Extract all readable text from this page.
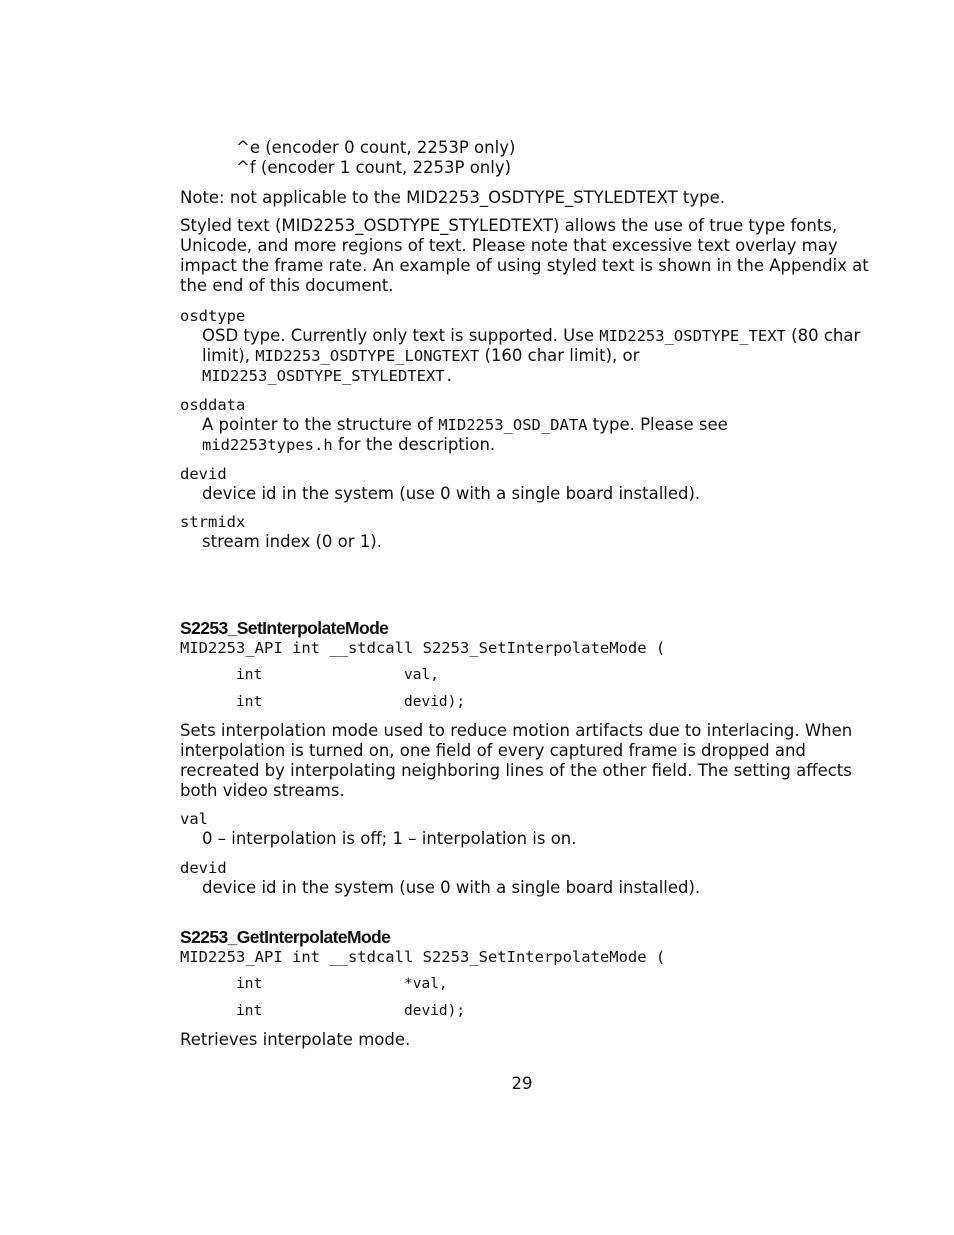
^e (encoder 0 count, 2253P only)
^f (encoder 1 count, 2253P only)

Note: not applicable to the MID2253_OSDTYPE_STYLEDTEXT type.

Styled text (MID2253_OSDTYPE_STYLEDTEXT) allows the use of true type fonts, Unicode, and more regions of text. Please note that excessive text overlay may impact the frame rate. An example of using styled text is shown in the Appendix at the end of this document.

osdtype
OSD type. Currently only text is supported. Use MID2253_OSDTYPE_TEXT (80 char limit), MID2253_OSDTYPE_LONGTEXT (160 char limit), or MID2253_OSDTYPE_STYLEDTEXT.
osddata
A pointer to the structure of MID2253_OSD_DATA type. Please see
mid2253types.h for the description.
devid
device id in the system (use 0 with a single board installed).
strmidx
stream index (0 or 1).
S2253_SetInterpolateMode
MID2253_API int __stdcall S2253_SetInterpolateMode (
int	val,
int	devid);

Sets interpolation mode used to reduce motion artifacts due to interlacing. When interpolation is turned on, one field of every captured frame is dropped and recreated by interpolating neighboring lines of the other field. The setting affects both video streams.

val
0 – interpolation is off; 1 – interpolation is on.
devid
device id in the system (use 0 with a single board installed).
S2253_GetInterpolateMode
MID2253_API int __stdcall S2253_SetInterpolateMode (
int	*val,
int	devid);

Retrieves interpolate mode.

29
